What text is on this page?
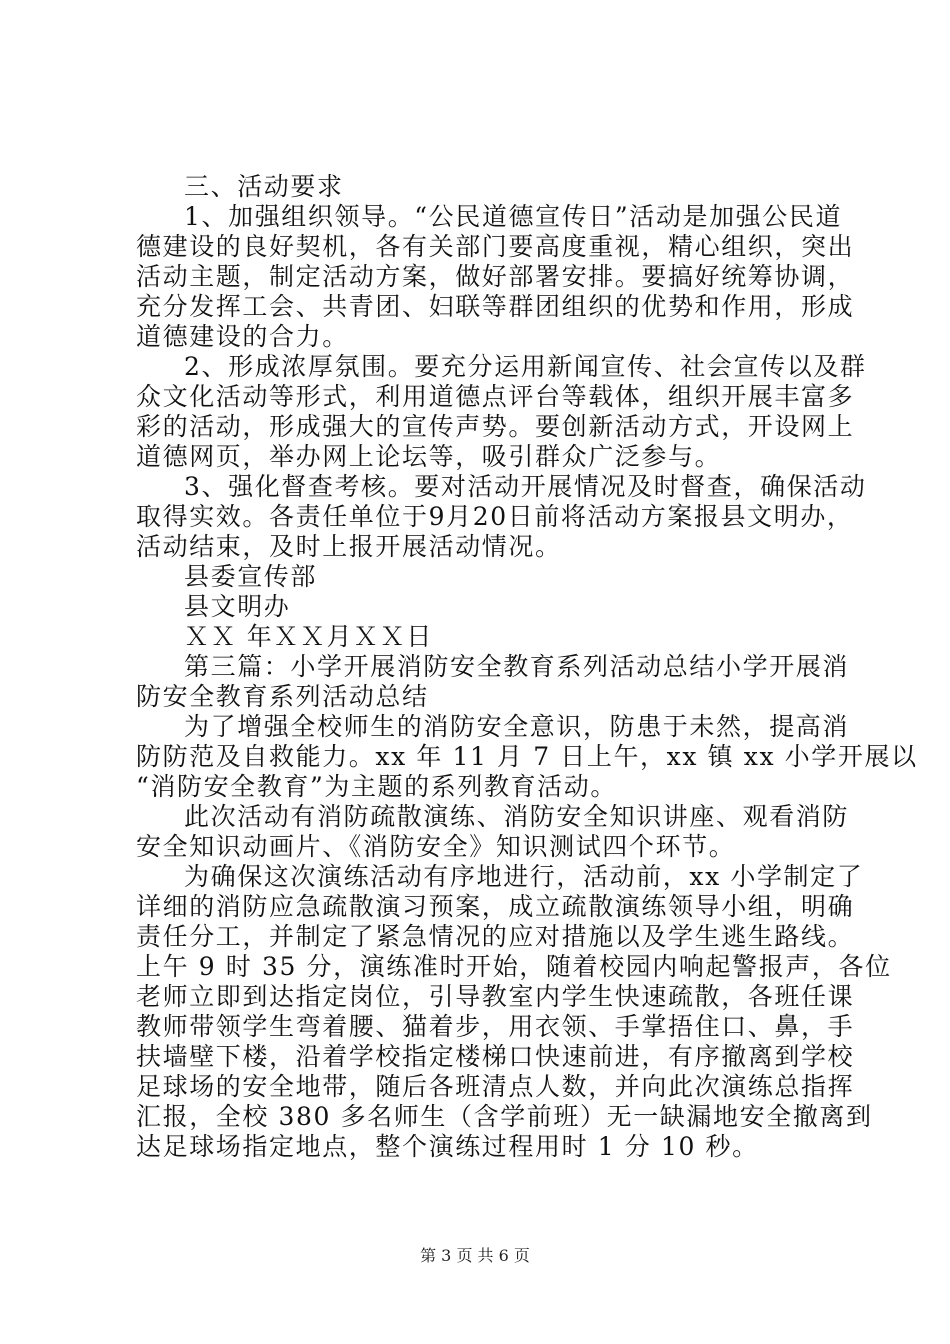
三、活动要求
1、加强组织领导。“公民道德宣传日”活动是加强公民道
德建设的良好契机，各有关部门要高度重视，精心组织，突出
活动主题，制定活动方案，做好部署安排。要搞好统筹协调，
充分发挥工会、共青团、妇联等群团组织的优势和作用，形成
道德建设的合力。
2、形成浓厚氛围。要充分运用新闻宣传、社会宣传以及群
众文化活动等形式，利用道德点评台等载体，组织开展丰富多
彩的活动，形成强大的宣传声势。要创新活动方式，开设网上
道德网页，举办网上论坛等，吸引群众广泛参与。
3、强化督查考核。要对活动开展情况及时督查，确保活动
取得实效。各责任单位于9月20日前将活动方案报县文明办，
活动结束，及时上报开展活动情况。
县委宣传部
县文明办
ＸＸ 年ＸＸ月ＸＸ日
第三篇：小学开展消防安全教育系列活动总结小学开展消
防安全教育系列活动总结
为了增强全校师生的消防安全意识，防患于未然，提高消
防防范及自救能力。xx 年 11 月 7 日上午，xx 镇 xx 小学开展以
“消防安全教育”为主题的系列教育活动。
此次活动有消防疏散演练、消防安全知识讲座、观看消防
安全知识动画片、《消防安全》知识测试四个环节。
为确保这次演练活动有序地进行，活动前，xx 小学制定了
详细的消防应急疏散演习预案，成立疏散演练领导小组，明确
责任分工，并制定了紧急情况的应对措施以及学生逃生路线。
上午 9 时 35 分，演练准时开始，随着校园内响起警报声，各位
老师立即到达指定岗位，引导教室内学生快速疏散，各班任课
教师带领学生弯着腰、猫着步，用衣领、手掌捂住口、鼻，手
扶墙壁下楼，沿着学校指定楼梯口快速前进，有序撤离到学校
足球场的安全地带，随后各班清点人数，并向此次演练总指挥
汇报，全校 380 多名师生（含学前班）无一缺漏地安全撤离到
达足球场指定地点，整个演练过程用时 1 分 10 秒。
第 3 页 共 6 页
